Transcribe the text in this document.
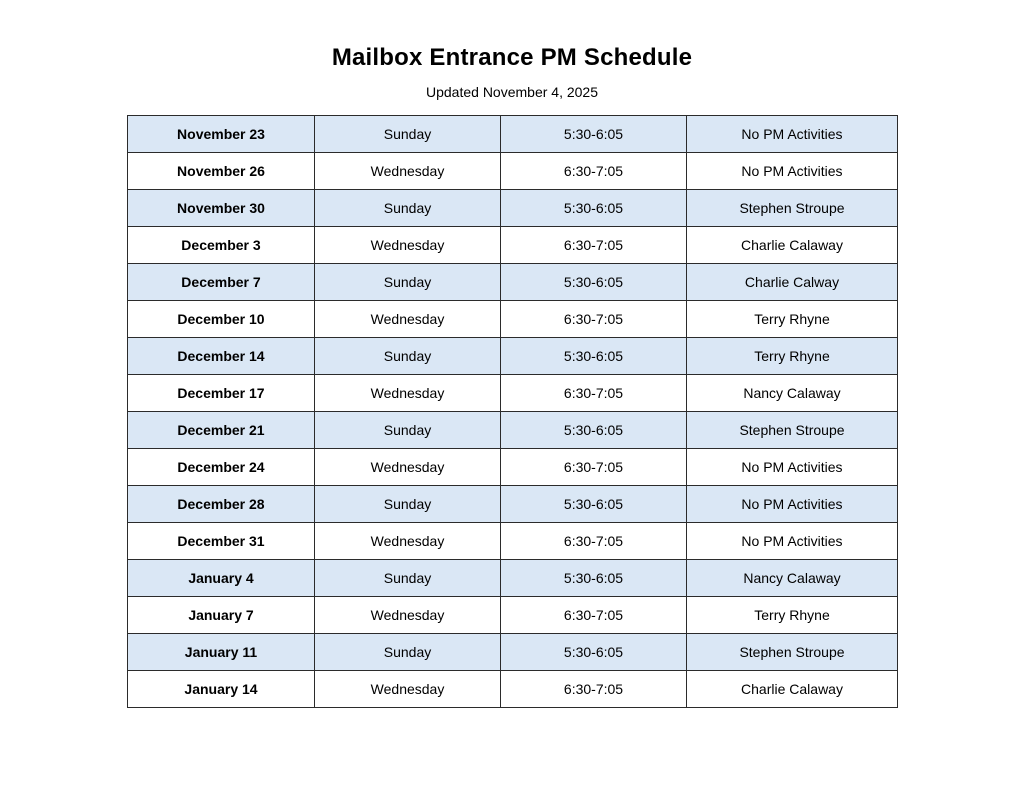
Mailbox Entrance PM Schedule
Updated November 4, 2025
November 23	Sunday	5:30-6:05	No PM Activities
November 26	Wednesday	6:30-7:05	No PM Activities
November 30	Sunday	5:30-6:05	Stephen Stroupe
December 3	Wednesday	6:30-7:05	Charlie Calaway
December 7	Sunday	5:30-6:05	Charlie Calway
December 10	Wednesday	6:30-7:05	Terry Rhyne
December 14	Sunday	5:30-6:05	Terry Rhyne
December 17	Wednesday	6:30-7:05	Nancy Calaway
December 21	Sunday	5:30-6:05	Stephen Stroupe
December 24	Wednesday	6:30-7:05	No PM Activities
December 28	Sunday	5:30-6:05	No PM Activities
December 31	Wednesday	6:30-7:05	No PM Activities
January 4	Sunday	5:30-6:05	Nancy Calaway
January 7	Wednesday	6:30-7:05	Terry Rhyne
January 11	Sunday	5:30-6:05	Stephen Stroupe
January 14	Wednesday	6:30-7:05	Charlie Calaway
